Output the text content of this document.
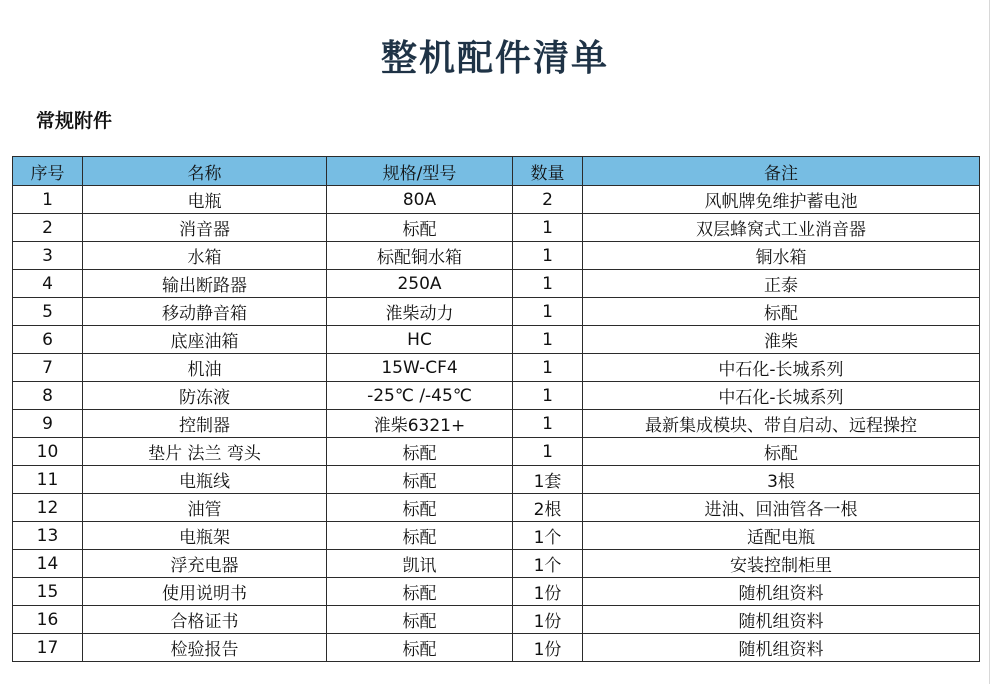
整机配件清单
常规附件
序号	名称	规格/型号	数量	备注
1	电瓶	80A	2	风帆牌免维护蓄电池
2	消音器	标配	1	双层蜂窝式工业消音器
3	水箱	标配铜水箱	1	铜水箱
4	输出断路器	250A	1	正泰
5	移动静音箱	淮柴动力	1	标配
6	底座油箱	HC	1	淮柴
7	机油	15W-CF4	1	中石化-长城系列
8	防冻液	-25℃ /-45℃	1	中石化-长城系列
9	控制器	淮柴6321+	1	最新集成模块、带自启动、远程操控
10	垫片 法兰 弯头	标配	1	标配
11	电瓶线	标配	1套	3根
12	油管	标配	2根	进油、回油管各一根
13	电瓶架	标配	1个	适配电瓶
14	浮充电器	凯讯	1个	安装控制柜里
15	使用说明书	标配	1份	随机组资料
16	合格证书	标配	1份	随机组资料
17	检验报告	标配	1份	随机组资料
